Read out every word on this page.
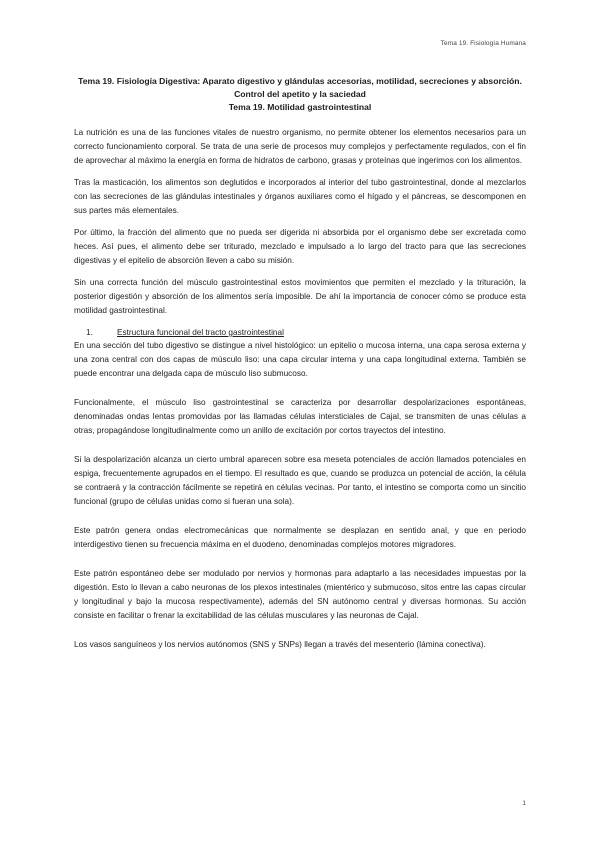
Tema 19. Fisiología Humana
Tema 19. Fisiología Digestiva: Aparato digestivo y glándulas accesorias, motilidad, secreciones y absorción. Control del apetito y la saciedad
Tema 19. Motilidad gastrointestinal

La nutrición es una de las funciones vitales de nuestro organismo, no permite obtener los elementos necesarios para un correcto funcionamiento corporal. Se trata de una serie de procesos muy complejos y perfectamente regulados, con el fin de aprovechar al máximo la energía en forma de hidratos de carbono, grasas y proteínas que ingerimos con los alimentos.

Tras la masticación, los alimentos son deglutidos e incorporados al interior del tubo gastrointestinal, donde al mezclarlos con las secreciones de las glándulas intestinales y órganos auxiliares como el hígado y el páncreas, se descomponen en sus partes más elementales.

Por último, la fracción del alimento que no pueda ser digerida ni absorbida por el organismo debe ser excretada como heces. Así pues, el alimento debe ser triturado, mezclado e impulsado a lo largo del tracto para que las secreciones digestivas y el epitelio de absorción lleven a cabo su misión.

Sin una correcta función del músculo gastrointestinal estos movimientos que permiten el mezclado y la trituración, la posterior digestión y absorción de los alimentos sería imposible. De ahí la importancia de conocer cómo se produce esta motilidad gastrointestinal.

1.	Estructura funcional del tracto gastrointestinal

En una sección del tubo digestivo se distingue a nivel histológico: un epitelio o mucosa interna, una capa serosa externa y una zona central con dos capas de músculo liso: una capa circular interna y una capa longitudinal externa. También se puede encontrar una delgada capa de músculo liso submucoso.

Funcionalmente, el músculo liso gastrointestinal se caracteriza por desarrollar despolarizaciones espontáneas, denominadas ondas lentas promovidas por las llamadas células intersticiales de Cajal, se transmiten de unas células a otras, propagándose longitudinalmente como un anillo de excitación por cortos trayectos del intestino.

Si la despolarización alcanza un cierto umbral aparecen sobre esa meseta potenciales de acción llamados potenciales en espiga, frecuentemente agrupados en el tiempo. El resultado es que, cuando se produzca un potencial de acción, la célula se contraerá y la contracción fácilmente se repetirá en células vecinas. Por tanto, el intestino se comporta como un sincitio funcional (grupo de células unidas como si fueran una sola).

Este patrón genera ondas electromecánicas que normalmente se desplazan en sentido anal, y que en periodo interdigestivo tienen su frecuencia máxima en el duodeno, denominadas complejos motores migradores.

Este patrón espontáneo debe ser modulado por nervios y hormonas para adaptarlo a las necesidades impuestas por la digestión. Esto lo llevan a cabo neuronas de los plexos intestinales (mientérico y submucoso, sitos entre las capas circular y longitudinal y bajo la mucosa respectivamente), además del SN autónomo central y diversas hormonas. Su acción consiste en facilitar o frenar la excitabilidad de las células musculares y las neuronas de Cajal.

Los vasos sanguíneos y los nervios autónomos (SNS y SNPs) llegan a través del mesenterio (lámina conectiva).

1
